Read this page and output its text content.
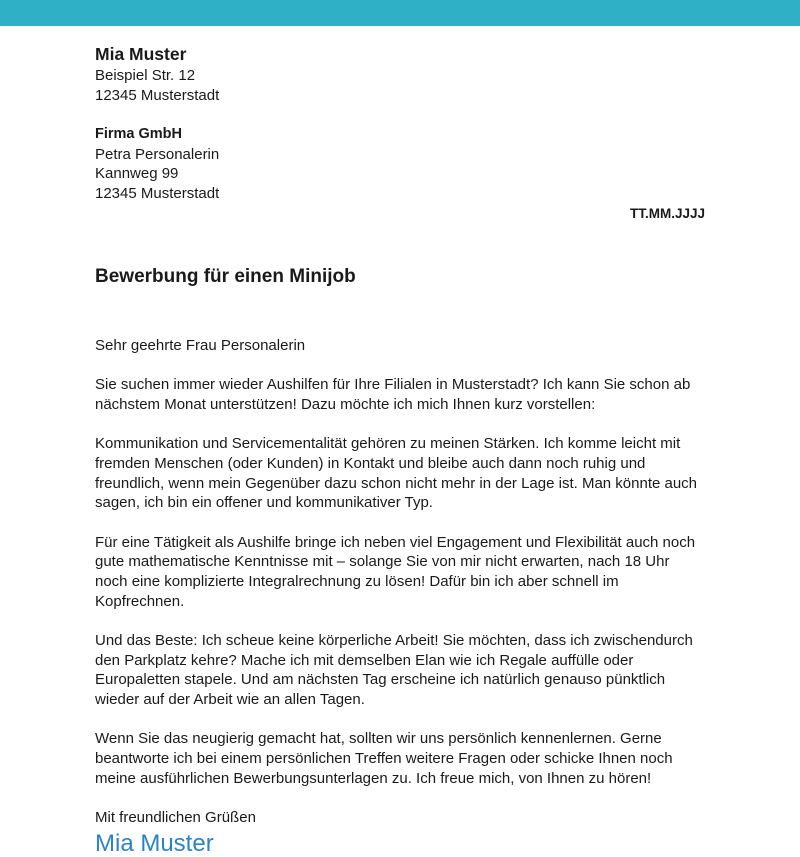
Mia Muster
Beispiel Str. 12
12345 Musterstadt
Firma GmbH
Petra Personalerin
Kannweg 99
12345 Musterstadt
TT.MM.JJJJ
Bewerbung für einen Minijob
Sehr geehrte Frau Personalerin
Sie suchen immer wieder Aushilfen für Ihre Filialen in Musterstadt? Ich kann Sie schon ab nächstem Monat unterstützen! Dazu möchte ich mich Ihnen kurz vorstellen:
Kommunikation und Servicementalität gehören zu meinen Stärken. Ich komme leicht mit fremden Menschen (oder Kunden) in Kontakt und bleibe auch dann noch ruhig und freundlich, wenn mein Gegenüber dazu schon nicht mehr in der Lage ist. Man könnte auch sagen, ich bin ein offener und kommunikativer Typ.
Für eine Tätigkeit als Aushilfe bringe ich neben viel Engagement und Flexibilität auch noch gute mathematische Kenntnisse mit – solange Sie von mir nicht erwarten, nach 18 Uhr noch eine komplizierte Integralrechnung zu lösen! Dafür bin ich aber schnell im Kopfrechnen.
Und das Beste: Ich scheue keine körperliche Arbeit! Sie möchten, dass ich zwischendurch den Parkplatz kehre? Mache ich mit demselben Elan wie ich Regale auffülle oder Europaletten stapele. Und am nächsten Tag erscheine ich natürlich genauso pünktlich wieder auf der Arbeit wie an allen Tagen.
Wenn Sie das neugierig gemacht hat, sollten wir uns persönlich kennenlernen. Gerne beantworte ich bei einem persönlichen Treffen weitere Fragen oder schicke Ihnen noch meine ausführlichen Bewerbungsunterlagen zu. Ich freue mich, von Ihnen zu hören!
Mit freundlichen Grüßen
Mia Muster
